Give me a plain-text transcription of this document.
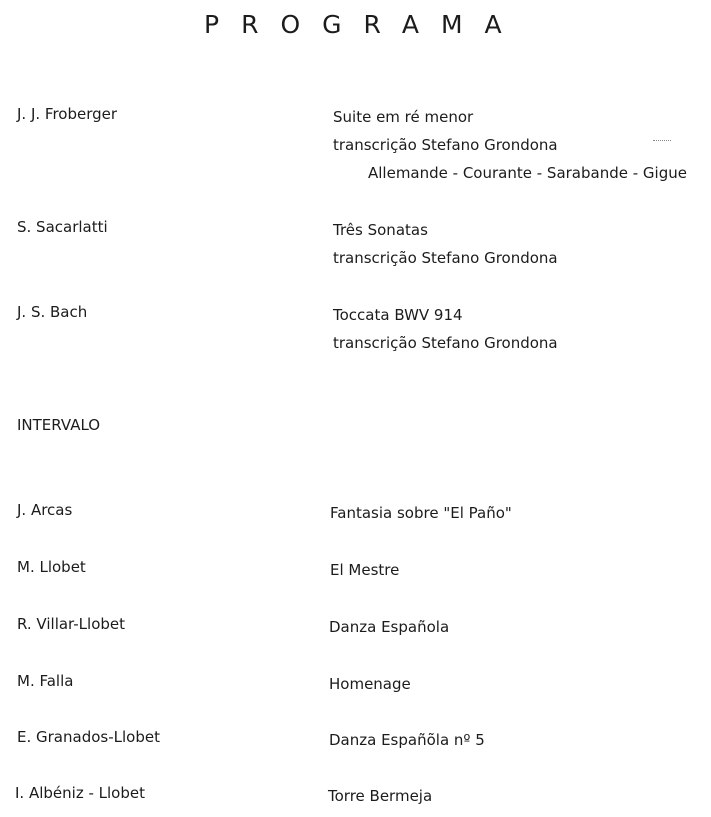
PROGRAMA
J. J. Froberger	Suite em ré menor
transcrição Stefano Grondona
Allemande - Courante - Sarabande - Gigue
S. Sacarlatti	Três Sonatas
transcrição Stefano Grondona
J. S. Bach	Toccata BWV 914
transcrição Stefano Grondona
INTERVALO
J. Arcas	Fantasia sobre "El Paño"
M. Llobet	El Mestre
R. Villar-Llobet	Danza Española
M. Falla	Homenage
E. Granados-Llobet	Danza Españõla nº 5
I. Albéniz - Llobet	Torre Bermeja
